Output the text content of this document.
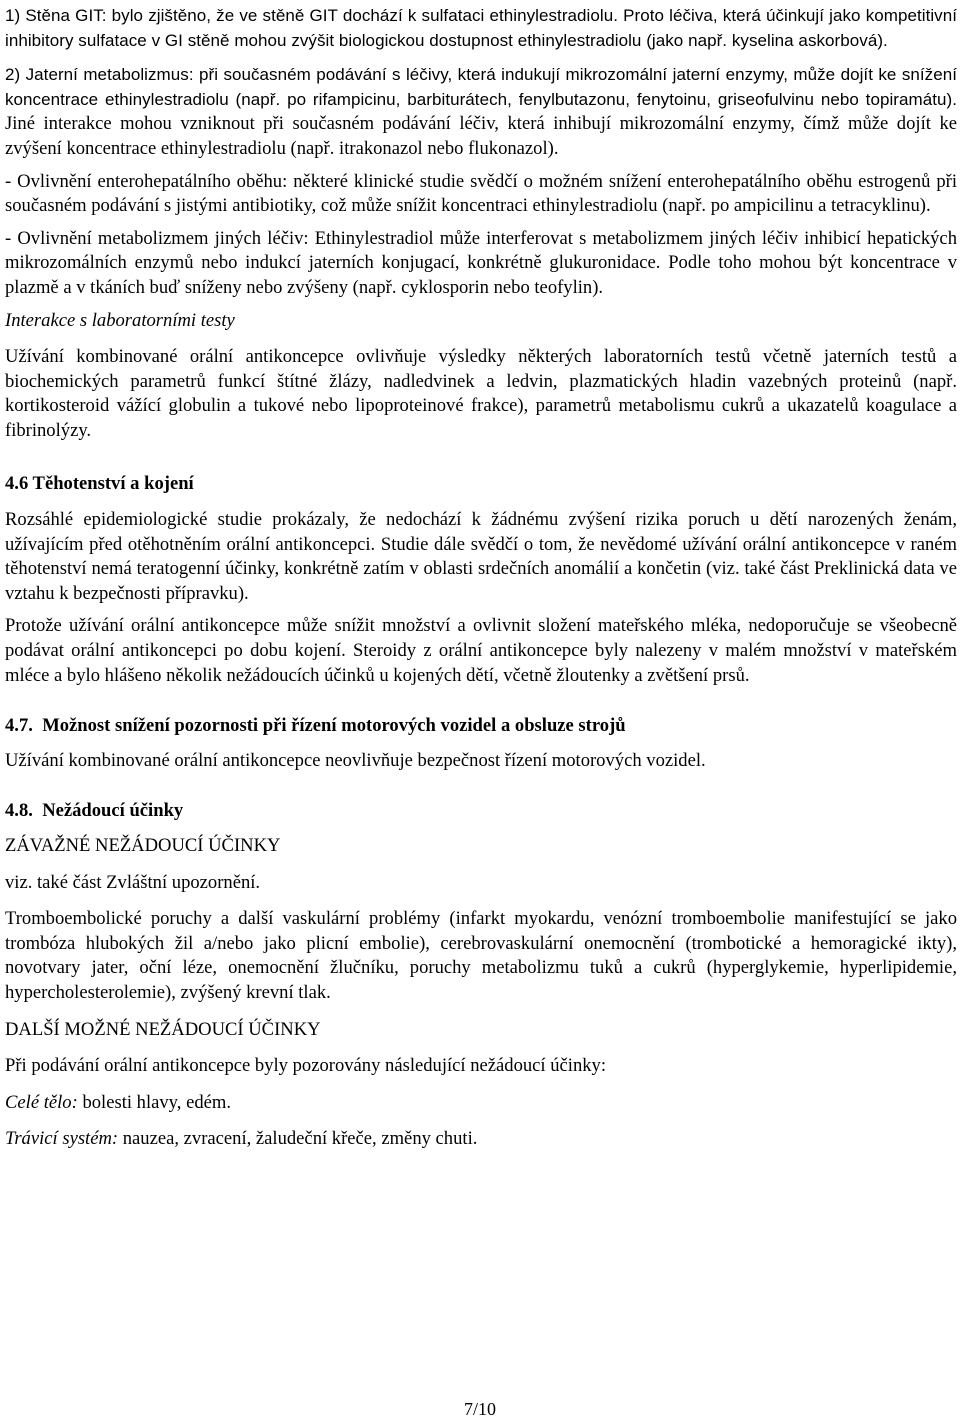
1) Stěna GIT: bylo zjištěno, že ve stěně GIT dochází k sulfataci ethinylestradiolu. Proto léčiva, která účinkují jako kompetitivní inhibitory sulfatace v GI stěně mohou zvýšit biologickou dostupnost ethinylestradiolu (jako např. kyselina askorbová).

2) Jaterní metabolizmus: při současném podávání s léčivy, která indukují mikrozomální jaterní enzymy, může dojít ke snížení koncentrace ethinylestradiolu (např. po rifampicinu, barbiturátech, fenylbutazonu, fenytoinu, griseofulvinu nebo topiramátu). Jiné interakce mohou vzniknout při současném podávání léčiv, která inhibují mikrozomální enzymy, čímž může dojít ke zvýšení koncentrace ethinylestradiolu (např. itrakonazol nebo flukonazol).

- Ovlivnění enterohepatálního oběhu: některé klinické studie svědčí o možném snížení enterohepatálního oběhu estrogenů při současném podávání s jistými antibiotiky, což může snížit koncentraci ethinylestradiolu (např. po ampicilinu a tetracyklinu).

- Ovlivnění metabolizmem jiných léčiv: Ethinylestradiol může interferovat s metabolizmem jiných léčiv inhibicí hepatických mikrozomálních enzymů nebo indukcí jaterních konjugací, konkrétně glukuronidace. Podle toho mohou být koncentrace v plazmě a v tkáních buď sníženy nebo zvýšeny (např. cyklosporin nebo teofylin).

Interakce s laboratorními testy

Užívání kombinované orální antikoncepce ovlivňuje výsledky některých laboratorních testů včetně jaterních testů a biochemických parametrů funkcí štítné žlázy, nadledvinek a ledvin, plazmatických hladin vazebných proteinů (např. kortikosteroid vážící globulin a tukové nebo lipoproteinové frakce), parametrů metabolismu cukrů a ukazatelů koagulace a fibrinolýzy.

4.6 Těhotenství a kojení

Rozsáhlé epidemiologické studie prokázaly, že nedochází k žádnému zvýšení rizika poruch u dětí narozených ženám, užívajícím před otěhotněním orální antikoncepci. Studie dále svědčí o tom, že nevědomé užívání orální antikoncepce v raném těhotenství nemá teratogenní účinky, konkrétně zatím v oblasti srdečních anomálií a končetin (viz. také část Preklinická data ve vztahu k bezpečnosti přípravku).

Protože užívání orální antikoncepce může snížit množství a ovlivnit složení mateřského mléka, nedoporučuje se všeobecně podávat orální antikoncepci po dobu kojení. Steroidy z orální antikoncepce byly nalezeny v malém množství v mateřském mléce a bylo hlášeno několik nežádoucích účinků u kojených dětí, včetně žloutenky a zvětšení prsů.

4.7. Možnost snížení pozornosti při řízení motorových vozidel a obsluze strojů

Užívání kombinované orální antikoncepce neovlivňuje bezpečnost řízení motorových vozidel.

4.8. Nežádoucí účinky

ZÁVAŽNÉ NEŽÁDOUCÍ ÚČINKY

viz. také část Zvláštní upozornění.

Tromboembolické poruchy a další vaskulární problémy (infarkt myokardu, venózní tromboembolie manifestující se jako trombóza hlubokých žil a/nebo jako plicní embolie), cerebrovaskulární onemocnění (trombotické a hemoragické ikty), novotvary jater, oční léze, onemocnění žlučníku, poruchy metabolizmu tuků a cukrů (hyperglykemie, hyperlipidemie, hypercholesterolemie), zvýšený krevní tlak.

DALŠÍ MOŽNÉ NEŽÁDOUCÍ ÚČINKY

Při podávání orální antikoncepce byly pozorovány následující nežádoucí účinky:

Celé tělo: bolesti hlavy, edém.

Trávicí systém: nauzea, zvracení, žaludeční křeče, změny chuti.

7/10
